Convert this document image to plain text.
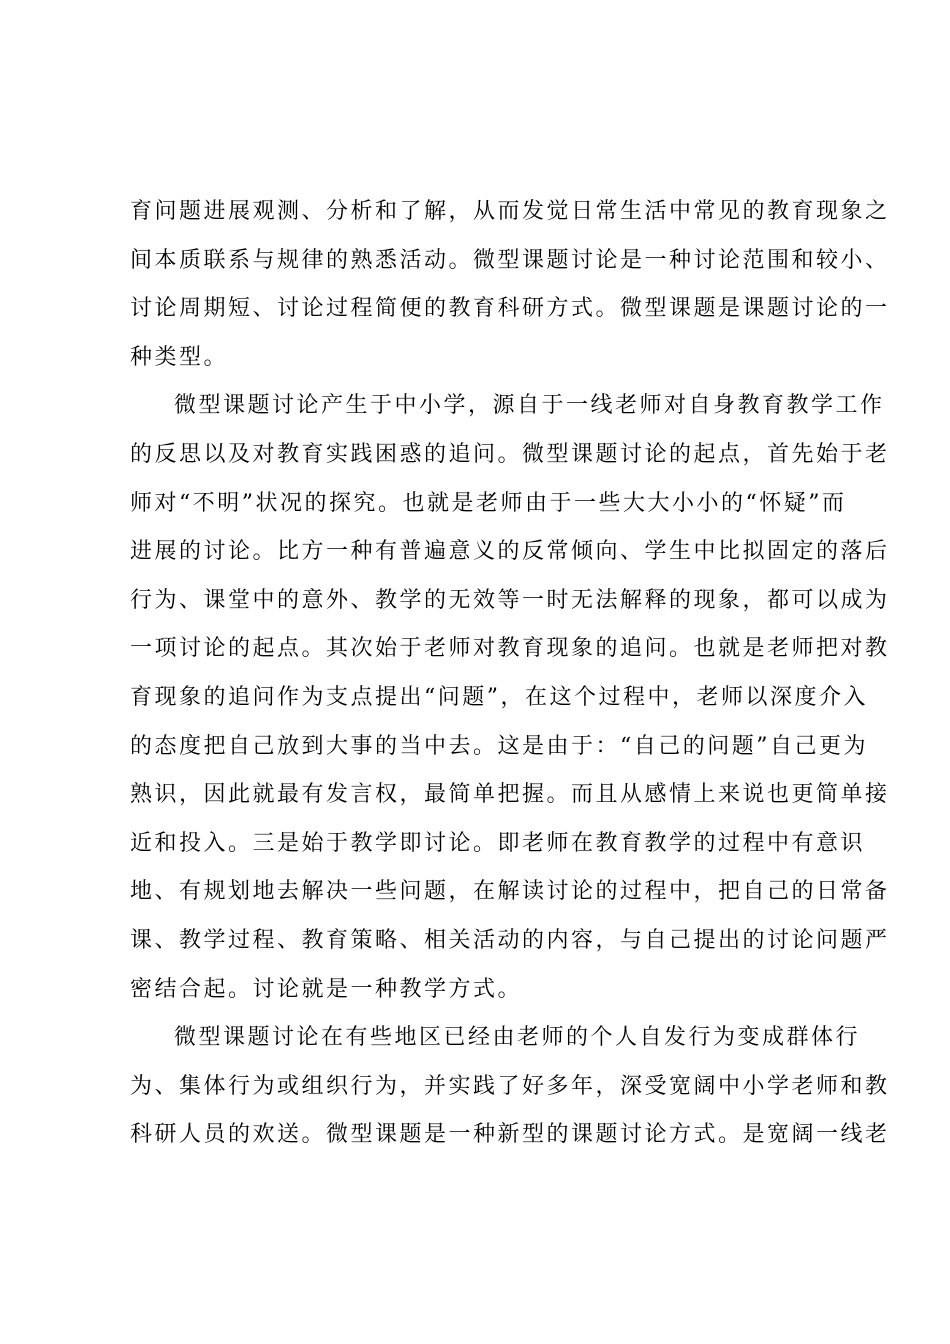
育问题进展观测、分析和了解，从而发觉日常生活中常见的教育现象之
间本质联系与规律的熟悉活动。微型课题讨论是一种讨论范围和较小、
讨论周期短、讨论过程简便的教育科研方式。微型课题是课题讨论的一
种类型。
微型课题讨论产生于中小学，源自于一线老师对自身教育教学工作
的反思以及对教育实践困惑的追问。微型课题讨论的起点，首先始于老
师对“不明”状况的探究。也就是老师由于一些大大小小的“怀疑”而
进展的讨论。比方一种有普遍意义的反常倾向、学生中比拟固定的落后
行为、课堂中的意外、教学的无效等一时无法解释的现象，都可以成为
一项讨论的起点。其次始于老师对教育现象的追问。也就是老师把对教
育现象的追问作为支点提出“问题”，在这个过程中，老师以深度介入
的态度把自己放到大事的当中去。这是由于：“自己的问题”自己更为
熟识，因此就最有发言权，最简单把握。而且从感情上来说也更简单接
近和投入。三是始于教学即讨论。即老师在教育教学的过程中有意识
地、有规划地去解决一些问题，在解读讨论的过程中，把自己的日常备
课、教学过程、教育策略、相关活动的内容，与自己提出的讨论问题严
密结合起。讨论就是一种教学方式。
微型课题讨论在有些地区已经由老师的个人自发行为变成群体行
为、集体行为或组织行为，并实践了好多年，深受宽阔中小学老师和教
科研人员的欢送。微型课题是一种新型的课题讨论方式。是宽阔一线老
